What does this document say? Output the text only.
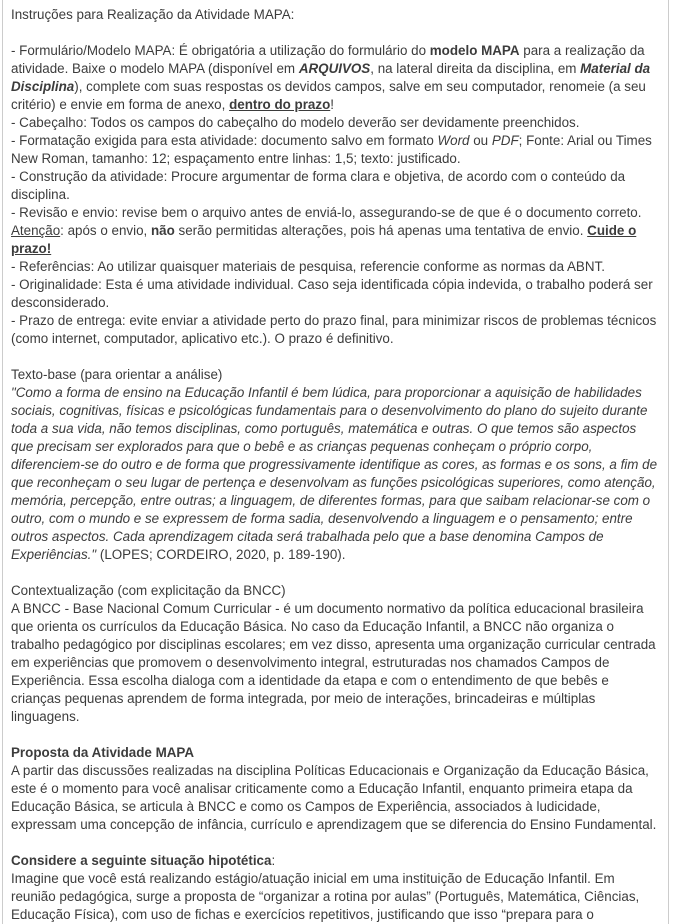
Instruções para Realização da Atividade MAPA:

- Formulário/Modelo MAPA: É obrigatória a utilização do formulário do modelo MAPA para a realização da atividade. Baixe o modelo MAPA (disponível em ARQUIVOS, na lateral direita da disciplina, em Material da Disciplina), complete com suas respostas os devidos campos, salve em seu computador, renomeie (a seu critério) e envie em forma de anexo, dentro do prazo!

- Cabeçalho: Todos os campos do cabeçalho do modelo deverão ser devidamente preenchidos.

- Formatação exigida para esta atividade: documento salvo em formato Word ou PDF; Fonte: Arial ou Times New Roman, tamanho: 12; espaçamento entre linhas: 1,5; texto: justificado.

- Construção da atividade: Procure argumentar de forma clara e objetiva, de acordo com o conteúdo da disciplina.

- Revisão e envio: revise bem o arquivo antes de enviá-lo, assegurando-se de que é o documento correto.

Atenção: após o envio, não serão permitidas alterações, pois há apenas uma tentativa de envio. Cuide o prazo!

- Referências: Ao utilizar quaisquer materiais de pesquisa, referencie conforme as normas da ABNT.

- Originalidade: Esta é uma atividade individual. Caso seja identificada cópia indevida, o trabalho poderá ser desconsiderado.

- Prazo de entrega: evite enviar a atividade perto do prazo final, para minimizar riscos de problemas técnicos (como internet, computador, aplicativo etc.). O prazo é definitivo.

Texto-base (para orientar a análise)

"Como a forma de ensino na Educação Infantil é bem lúdica, para proporcionar a aquisição de habilidades sociais, cognitivas, físicas e psicológicas fundamentais para o desenvolvimento do plano do sujeito durante toda a sua vida, não temos disciplinas, como português, matemática e outras. O que temos são aspectos que precisam ser explorados para que o bebê e as crianças pequenas conheçam o próprio corpo, diferenciem-se do outro e de forma que progressivamente identifique as cores, as formas e os sons, a fim de que reconheçam o seu lugar de pertença e desenvolvam as funções psicológicas superiores, como atenção, memória, percepção, entre outras; a linguagem, de diferentes formas, para que saibam relacionar-se com o outro, com o mundo e se expressem de forma sadia, desenvolvendo a linguagem e o pensamento; entre outros aspectos. Cada aprendizagem citada será trabalhada pelo que a base denomina Campos de Experiências." (LOPES; CORDEIRO, 2020, p. 189-190).

Contextualização (com explicitação da BNCC)

A BNCC - Base Nacional Comum Curricular - é um documento normativo da política educacional brasileira que orienta os currículos da Educação Básica. No caso da Educação Infantil, a BNCC não organiza o trabalho pedagógico por disciplinas escolares; em vez disso, apresenta uma organização curricular centrada em experiências que promovem o desenvolvimento integral, estruturadas nos chamados Campos de Experiência. Essa escolha dialoga com a identidade da etapa e com o entendimento de que bebês e crianças pequenas aprendem de forma integrada, por meio de interações, brincadeiras e múltiplas linguagens.

Proposta da Atividade MAPA

A partir das discussões realizadas na disciplina Políticas Educacionais e Organização da Educação Básica, este é o momento para você analisar criticamente como a Educação Infantil, enquanto primeira etapa da Educação Básica, se articula à BNCC e como os Campos de Experiência, associados à ludicidade, expressam uma concepção de infância, currículo e aprendizagem que se diferencia do Ensino Fundamental.

Considere a seguinte situação hipotética:

Imagine que você está realizando estágio/atuação inicial em uma instituição de Educação Infantil. Em reunião pedagógica, surge a proposta de “organizar a rotina por aulas” (Português, Matemática, Ciências, Educação Física), com uso de fichas e exercícios repetitivos, justificando que isso “prepara para o
